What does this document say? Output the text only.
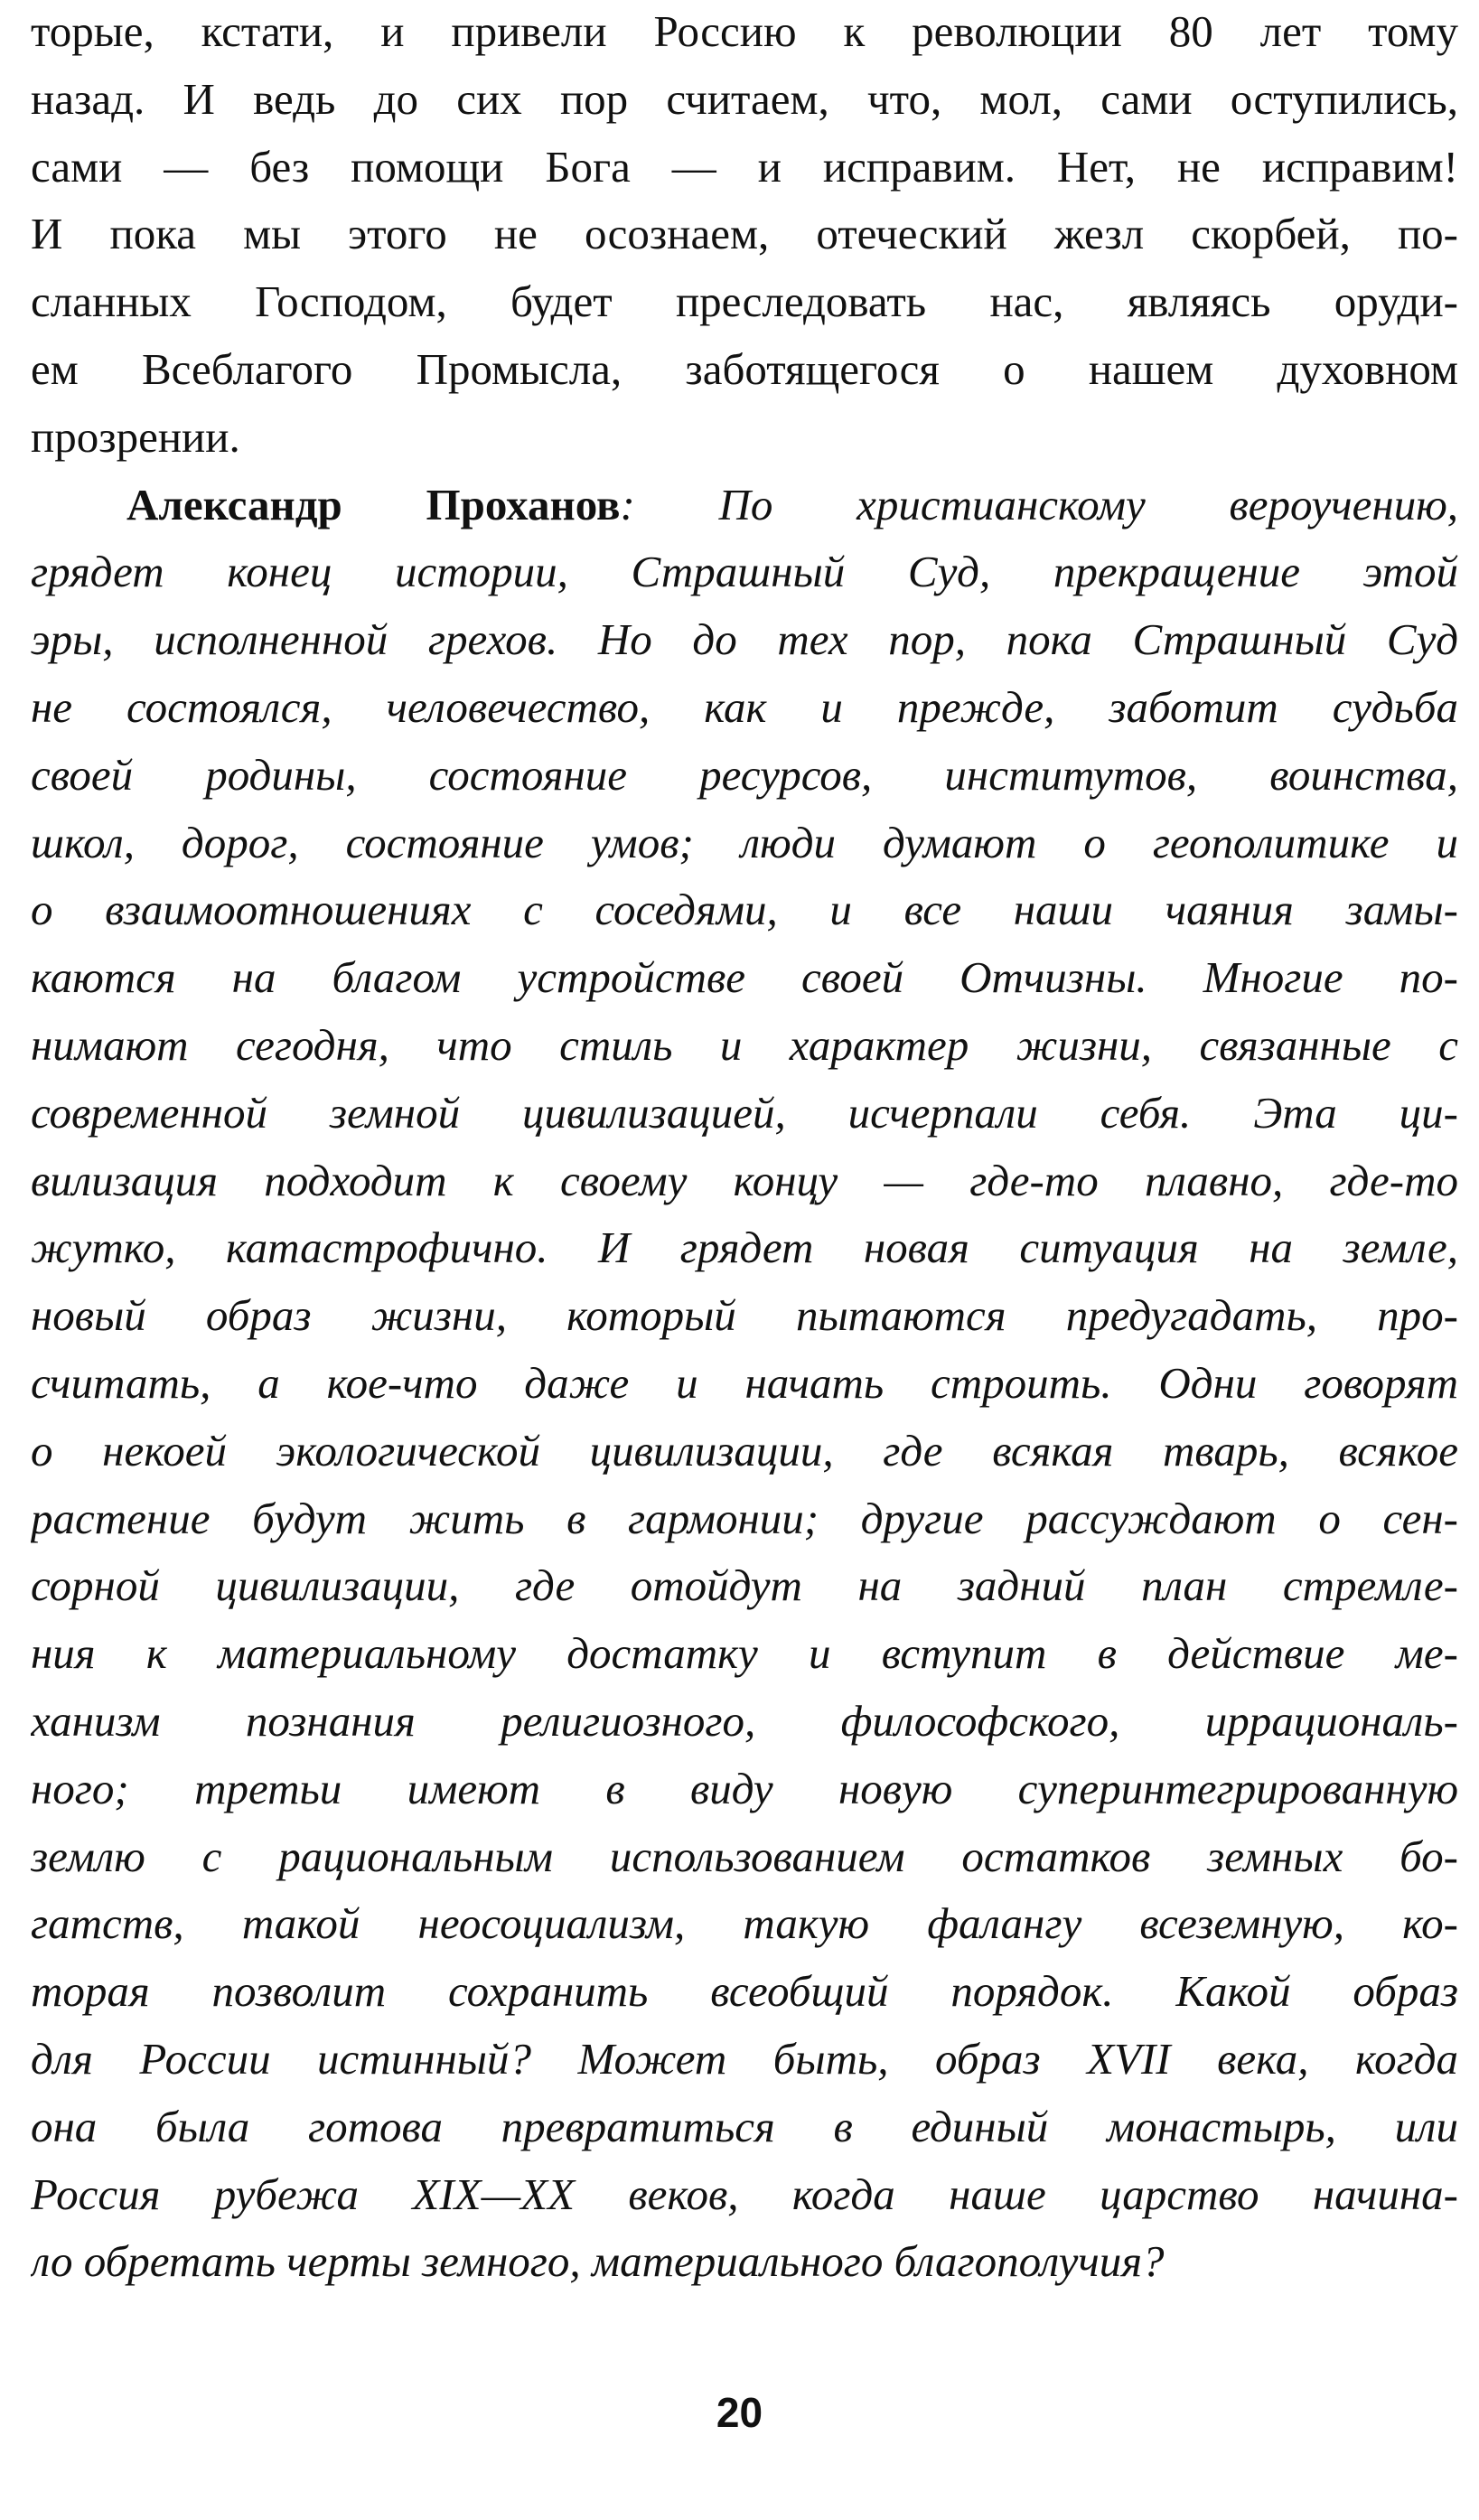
торые, кстати, и привели Россию к революции 80 лет тому
назад. И ведь до сих пор считаем, что, мол, сами оступились,
сами — без помощи Бога — и исправим. Нет, не исправим!
И пока мы этого не осознаем, отеческий жезл скорбей, по-
сланных Господом, будет преследовать нас, являясь оруди-
ем Всеблагого Промысла, заботящегося о нашем духовном
прозрении.
Александр Проханов: По христианскому вероучению,
грядет конец истории, Страшный Суд, прекращение этой
эры, исполненной грехов. Но до тех пор, пока Страшный Суд
не состоялся, человечество, как и прежде, заботит судьба
своей родины, состояние ресурсов, институтов, воинства,
школ, дорог, состояние умов; люди думают о геополитике и
о взаимоотношениях с соседями, и все наши чаяния замы-
каются на благом устройстве своей Отчизны. Многие по-
нимают сегодня, что стиль и характер жизни, связанные с
современной земной цивилизацией, исчерпали себя. Эта ци-
вилизация подходит к своему концу — где-то плавно, где-то
жутко, катастрофично. И грядет новая ситуация на земле,
новый образ жизни, который пытаются предугадать, про-
считать, а кое-что даже и начать строить. Одни говорят
о некоей экологической цивилизации, где всякая тварь, всякое
растение будут жить в гармонии; другие рассуждают о сен-
сорной цивилизации, где отойдут на задний план стремле-
ния к материальному достатку и вступит в действие ме-
ханизм познания религиозного, философского, иррациональ-
ного; третьи имеют в виду новую суперинтегрированную
землю с рациональным использованием остатков земных бо-
гатств, такой неосоциализм, такую фалангу всеземную, ко-
торая позволит сохранить всеобщий порядок. Какой образ
для России истинный? Может быть, образ XVII века, когда
она была готова превратиться в единый монастырь, или
Россия рубежа XIX—XX веков, когда наше царство начина-
ло обретать черты земного, материального благополучия?
20
